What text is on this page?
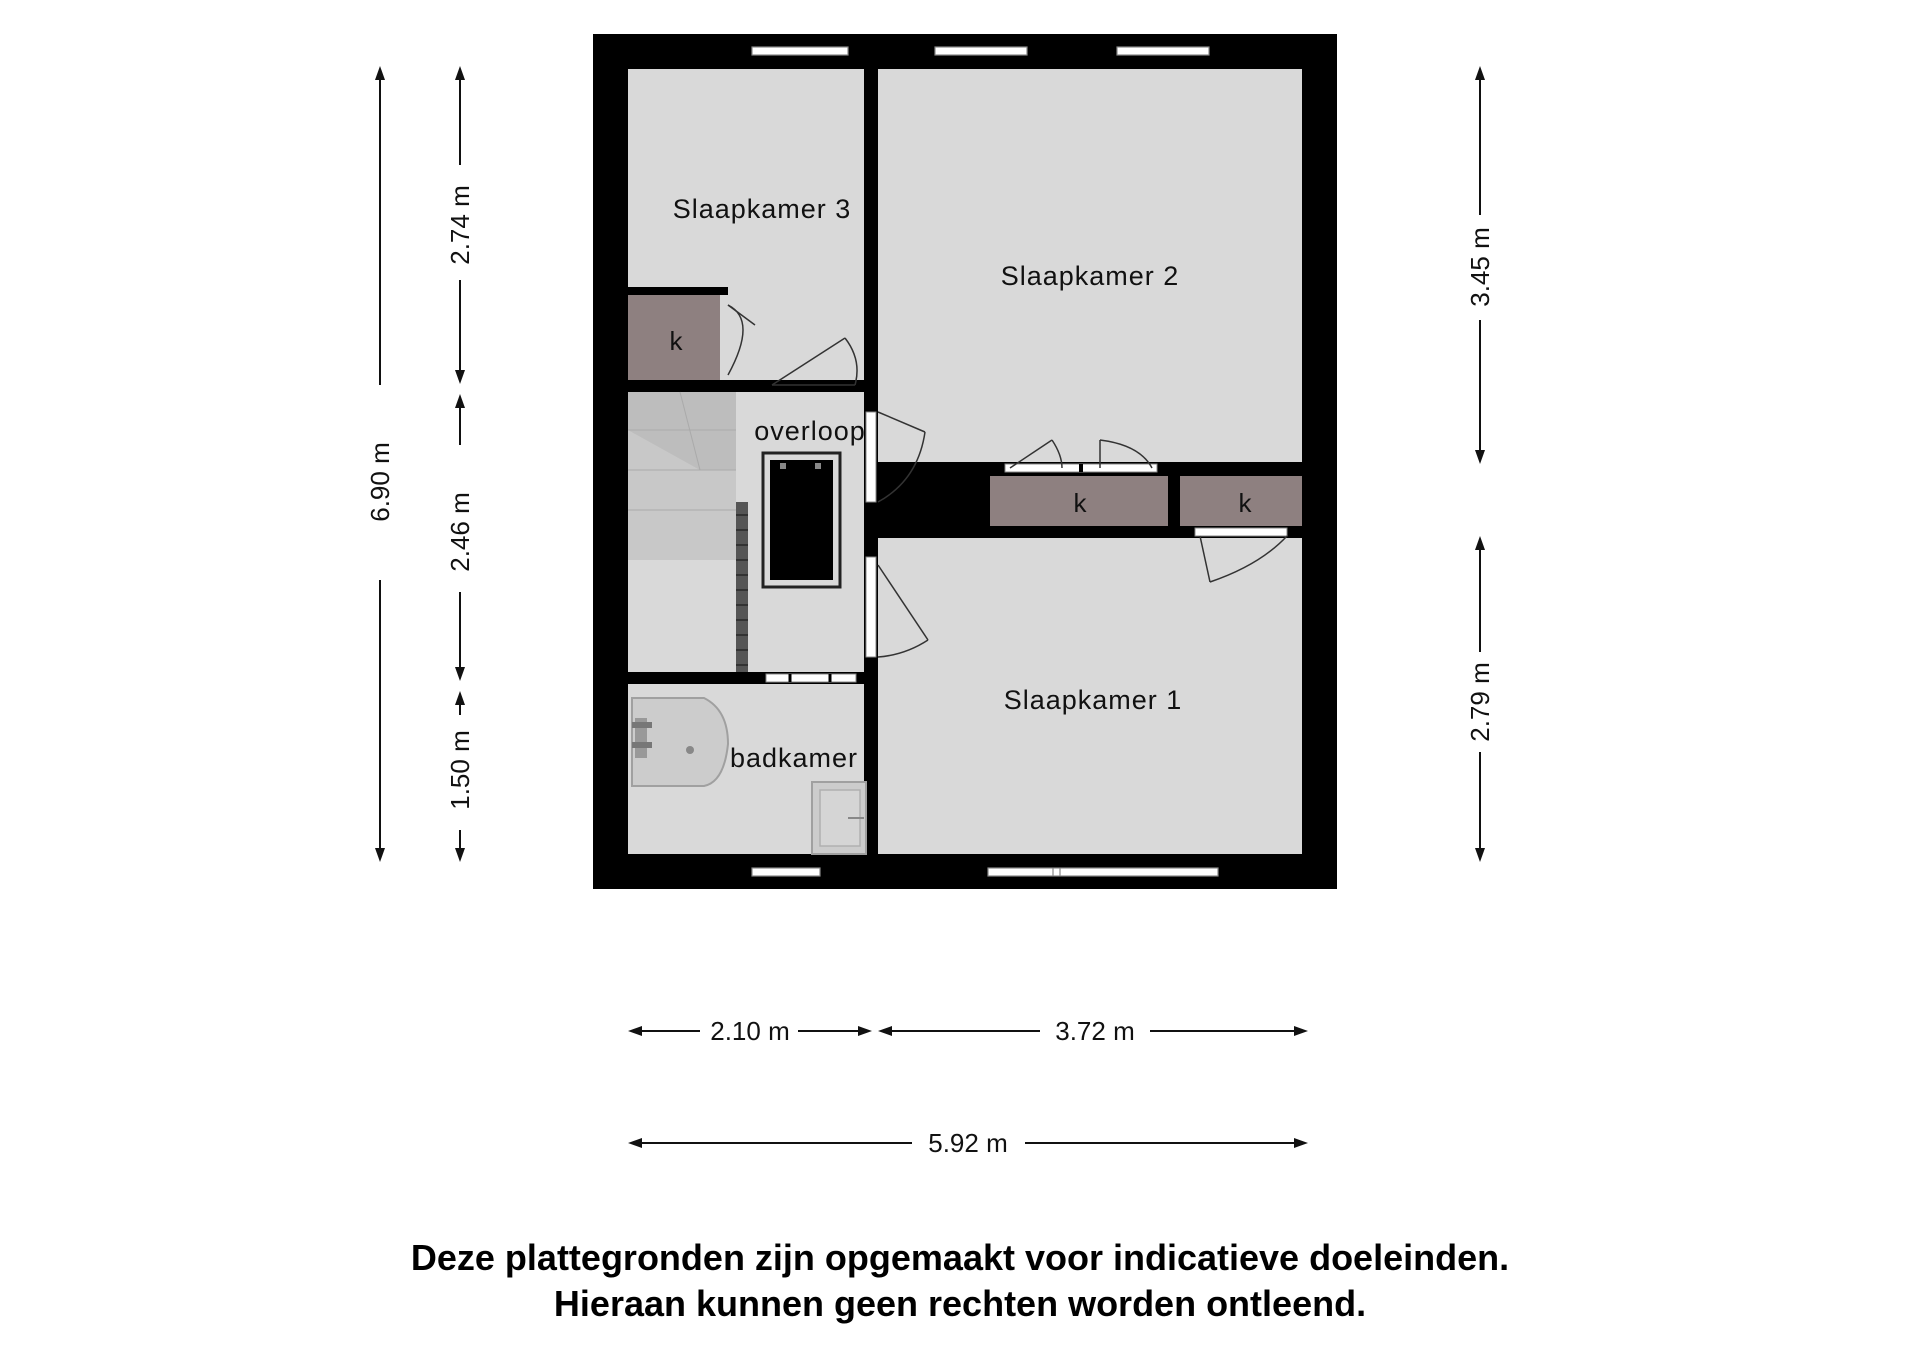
Slaapkamer 3
Slaapkamer 2
Slaapkamer 1
overloop
badkamer
k
k	k
6.90 m
2.74 m
2.46 m
1.50 m
3.45 m
2.79 m
2.10 m	3.72 m
5.92 m
Deze plattegronden zijn opgemaakt voor indicatieve doeleinden.
Hieraan kunnen geen rechten worden ontleend.
